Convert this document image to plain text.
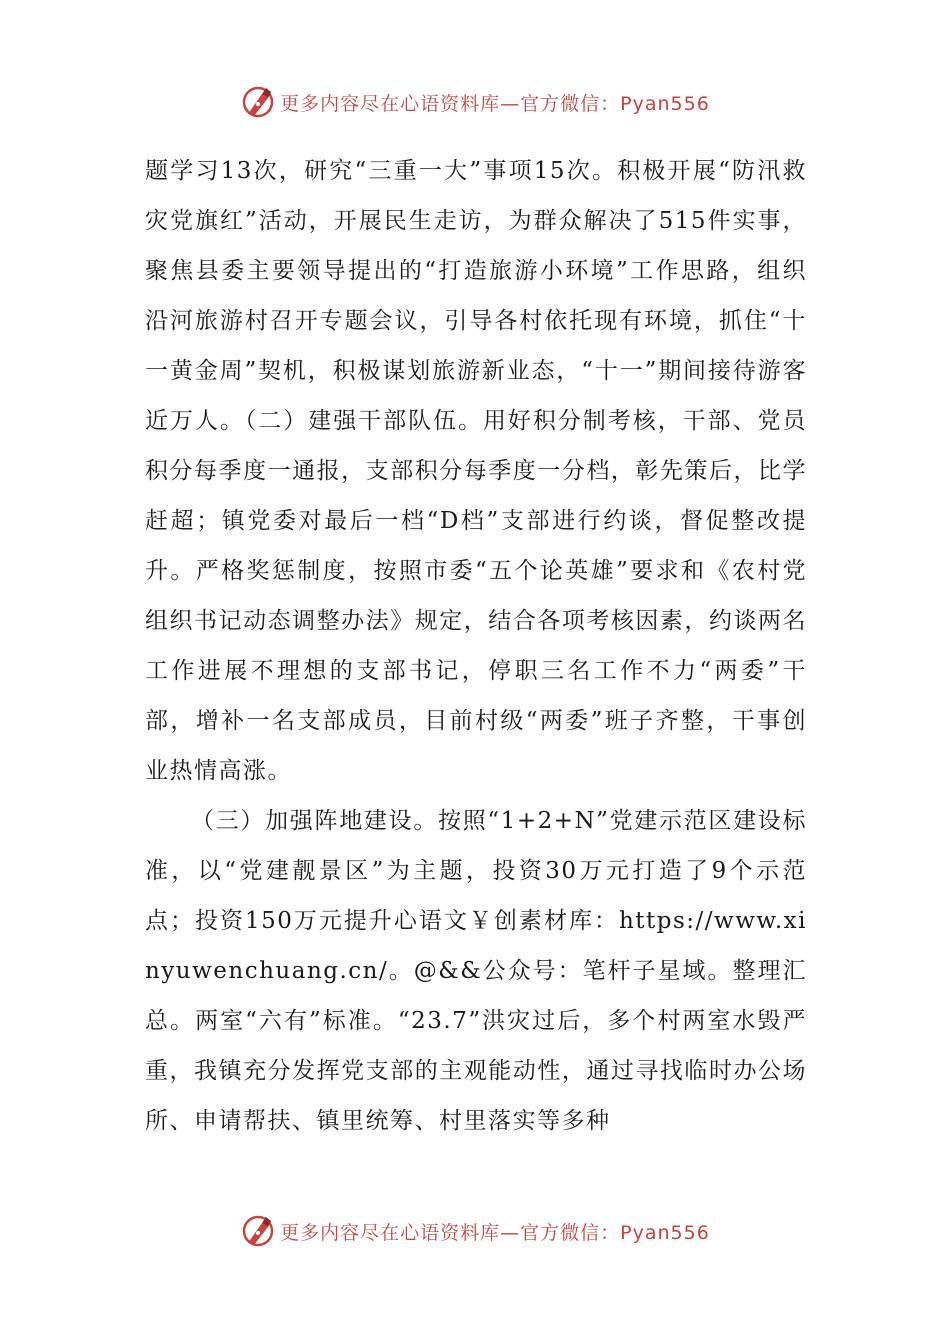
更多内容尽在心语资料库—官方微信：Pyan556

题学习13次，研究“三重一大”事项15次。积极开展“防汛救灾党旗红”活动，开展民生走访，为群众解决了515件实事，聚焦县委主要领导提出的“打造旅游小环境”工作思路，组织沿河旅游村召开专题会议，引导各村依托现有环境，抓住“十一黄金周”契机，积极谋划旅游新业态，“十一”期间接待游客近万人。（二）建强干部队伍。用好积分制考核，干部、党员积分每季度一通报，支部积分每季度一分档，彰先策后，比学赶超；镇党委对最后一档“D档”支部进行约谈，督促整改提升。严格奖惩制度，按照市委“五个论英雄”要求和《农村党组织书记动态调整办法》规定，结合各项考核因素，约谈两名工作进展不理想的支部书记，停职三名工作不力“两委”干部，增补一名支部成员，目前村级“两委”班子齐整，干事创业热情高涨。

（三）加强阵地建设。按照“1+2+N”党建示范区建设标准，以“党建靓景区”为主题，投资30万元打造了9个示范点；投资150万元提升心语文￥创素材库：https://www.xinyuwenchuang.cn/。@&&公众号：笔杆子星域。整理汇总。两室“六有”标准。“23.7”洪灾过后，多个村两室水毁严重，我镇充分发挥党支部的主观能动性，通过寻找临时办公场所、申请帮扶、镇里统筹、村里落实等多种

更多内容尽在心语资料库—官方微信：Pyan556
